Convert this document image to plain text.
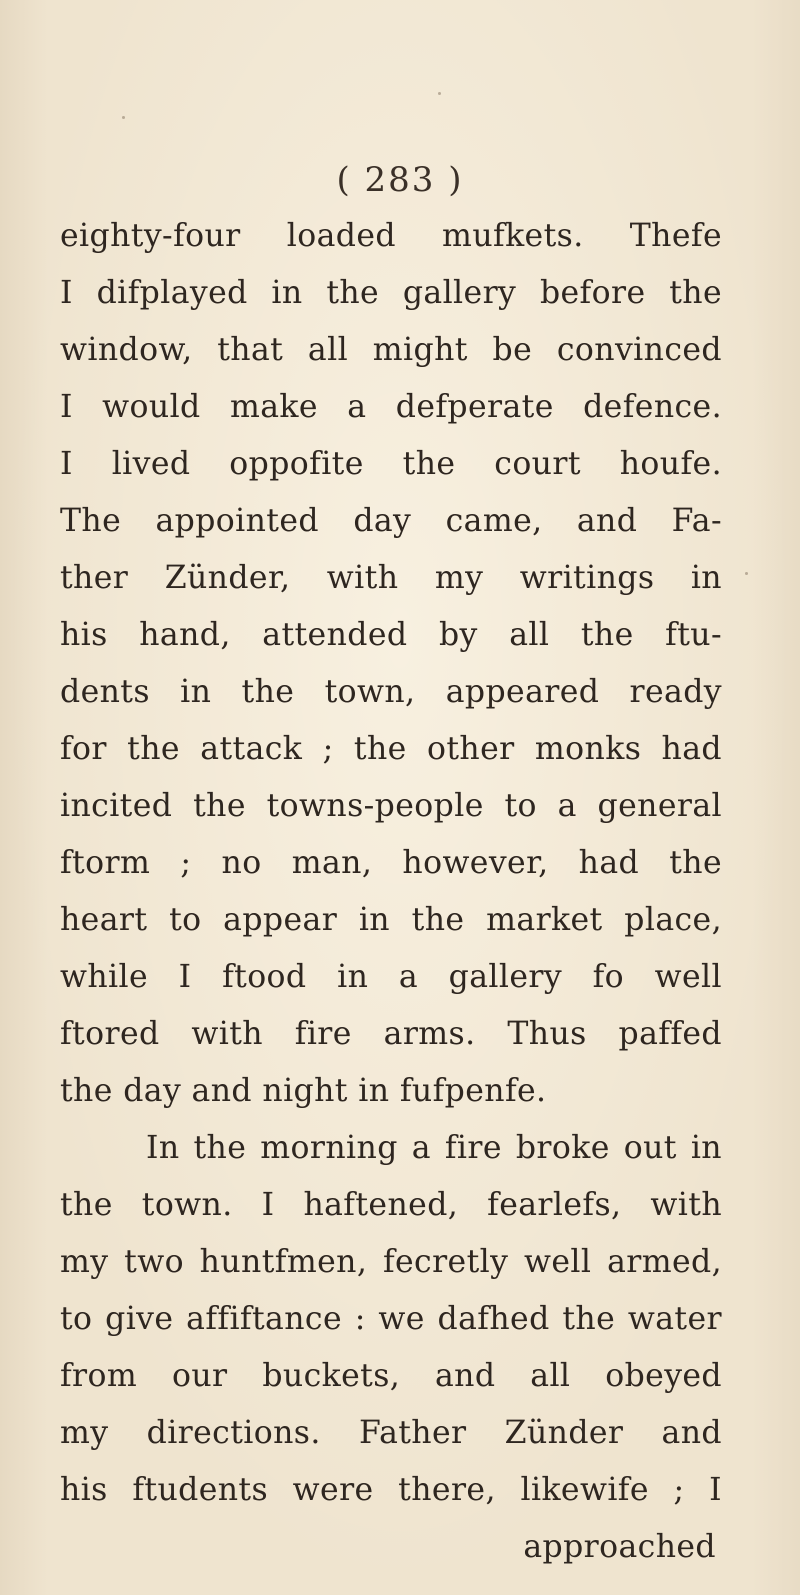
( 283 )
eighty-four loaded mufkets. Thefe
I difplayed in the gallery before the
window, that all might be convinced
I would make a defperate defence.
I lived oppofite the court houfe.
The appointed day came, and Fa-
ther Zünder, with my writings in
his hand, attended by all the ftu-
dents in the town, appeared ready
for the attack ; the other monks had
incited the towns-people to a general
ftorm ; no man, however, had the
heart to appear in the market place,
while I ftood in a gallery fo well
ftored with fire arms. Thus paffed
the day and night in fufpenfe.
In the morning a fire broke out in
the town. I haftened, fearlefs, with
my two huntfmen, fecretly well armed,
to give affiftance : we dafhed the water
from our buckets, and all obeyed
my directions. Father Zünder and
his ftudents were there, likewife ; I
approached
